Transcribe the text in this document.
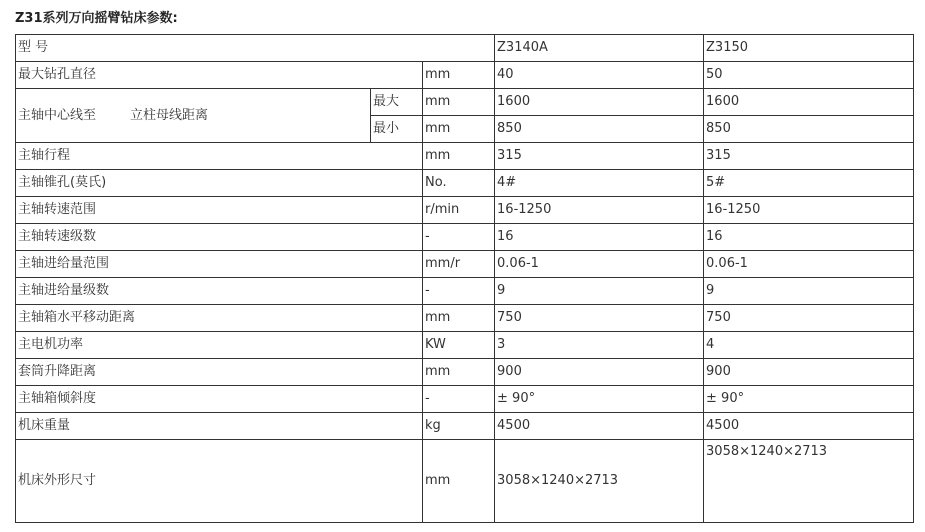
Z31系列万向摇臂钻床参数:
型 号			Z3140A	Z3150
最大钻孔直径		mm	40	50
主轴中心线至 立柱母线距离	最大	mm	1600	1600
	最小	mm	850	850
主轴行程		mm	315	315
主轴锥孔(莫氏)		No.	4#	5#
主轴转速范围		r/min	16-1250	16-1250
主轴转速级数		-	16	16
主轴进给量范围		mm/r	0.06-1	0.06-1
主轴进给量级数		-	9	9
主轴箱水平移动距离		mm	750	750
主电机功率		KW	3	4
套筒升降距离		mm	900	900
主轴箱倾斜度		-	± 90°	± 90°
机床重量		kg	4500	4500
机床外形尺寸		mm	3058×1240×2713	3058×1240×2713
